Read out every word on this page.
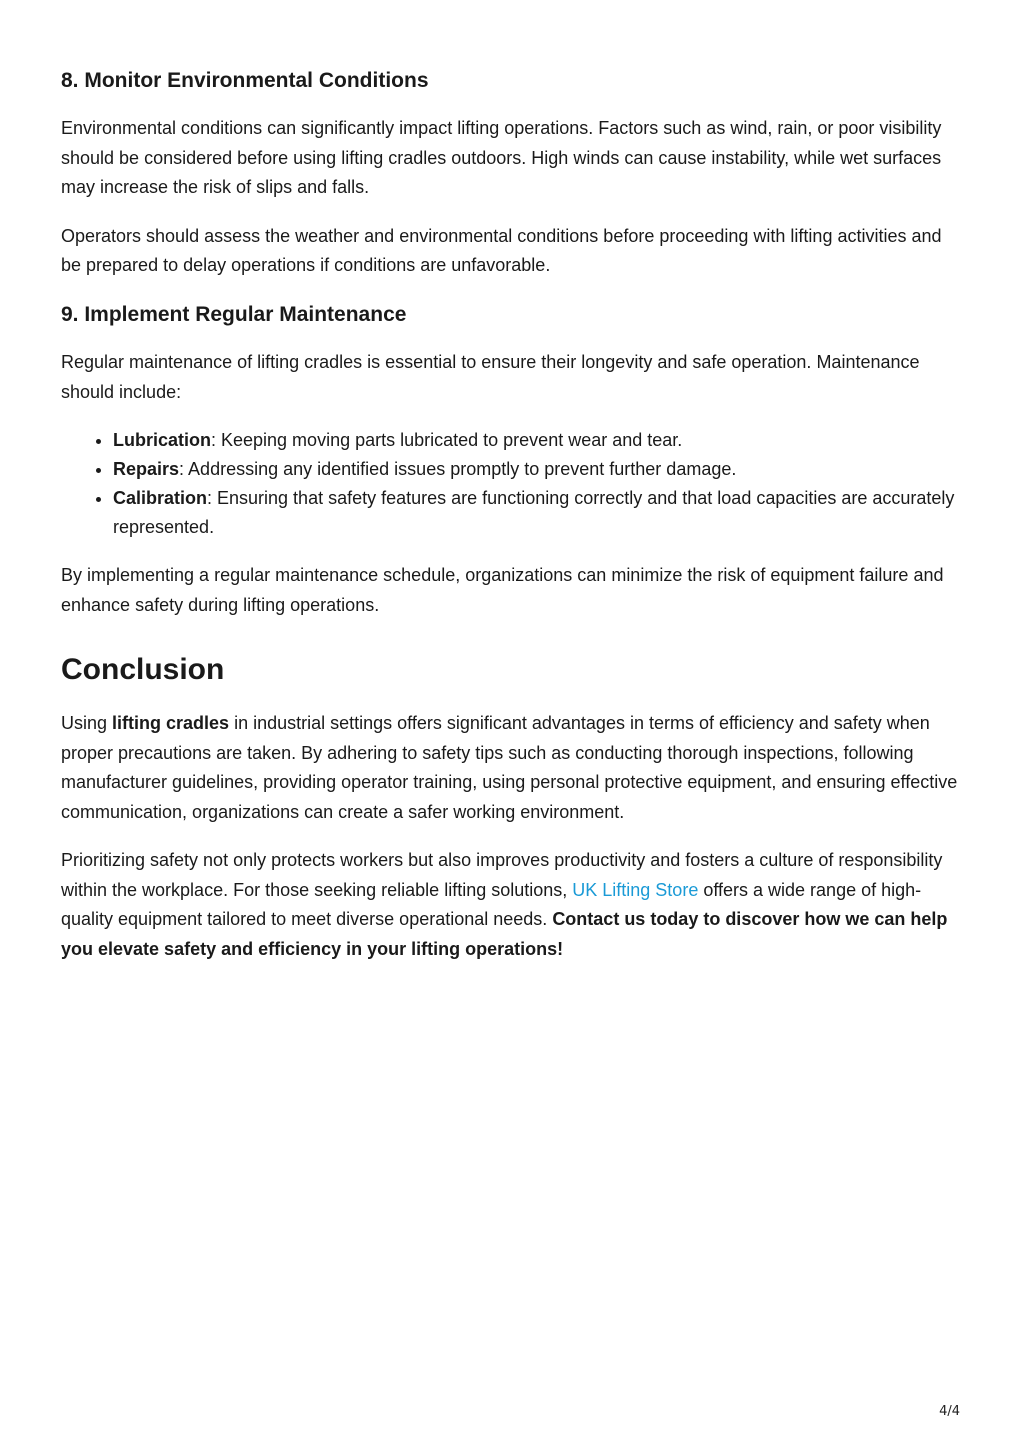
8. Monitor Environmental Conditions

Environmental conditions can significantly impact lifting operations. Factors such as wind, rain, or poor visibility should be considered before using lifting cradles outdoors. High winds can cause instability, while wet surfaces may increase the risk of slips and falls.

Operators should assess the weather and environmental conditions before proceeding with lifting activities and be prepared to delay operations if conditions are unfavorable.

9. Implement Regular Maintenance

Regular maintenance of lifting cradles is essential to ensure their longevity and safe operation. Maintenance should include:

• Lubrication: Keeping moving parts lubricated to prevent wear and tear.
• Repairs: Addressing any identified issues promptly to prevent further damage.
• Calibration: Ensuring that safety features are functioning correctly and that load capacities are accurately represented.

By implementing a regular maintenance schedule, organizations can minimize the risk of equipment failure and enhance safety during lifting operations.

Conclusion

Using lifting cradles in industrial settings offers significant advantages in terms of efficiency and safety when proper precautions are taken. By adhering to safety tips such as conducting thorough inspections, following manufacturer guidelines, providing operator training, using personal protective equipment, and ensuring effective communication, organizations can create a safer working environment.

Prioritizing safety not only protects workers but also improves productivity and fosters a culture of responsibility within the workplace. For those seeking reliable lifting solutions, UK Lifting Store offers a wide range of high-quality equipment tailored to meet diverse operational needs. Contact us today to discover how we can help you elevate safety and efficiency in your lifting operations!

4/4
